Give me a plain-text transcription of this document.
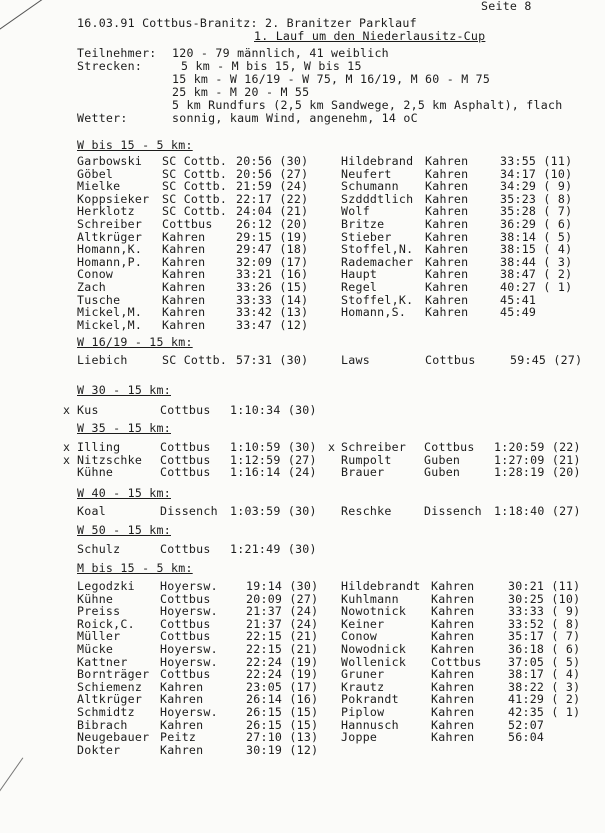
Seite 8
16.03.91 Cottbus-Branitz: 2. Branitzer Parklauf
1. Lauf um den Niederlausitz-Cup
Teilnehmer: 120 - 79 männlich, 41 weiblich
Strecken:	5 km - M bis 15, W bis 15
15 km - W 16/19 - W 75, M 16/19, M 60 - M 75
25 km - M 20 - M 55
5 km Rundfurs (2,5 km Sandwege, 2,5 km Asphalt), flach
Wetter:	sonnig, kaum Wind, angenehm, 14 oC
W bis 15 - 5 km:
Garbowski SC Cottb. 20:56 (30)
Göbel	SC Cottb. 20:56 (27)
Mielke	SC Cottb. 21:59 (24)
Koppsieker SC Cottb. 22:17 (22)
Herklotz SC Cottb. 24:04 (21)
Schreiber Cottbus 26:12 (20)
Altkrüger Kahren	29:15 (19)
Homann,K. Kahren	29:47 (18)
Homann,P. Kahren	32:09 (17)
Conow	Kahren	33:21 (16)
Zach	Kahren	33:26 (15)
Tusche	Kahren	33:33 (14)
Mickel,M. Kahren	33:42 (13)
Mickel,M. Kahren	33:47 (12)
Hildebrand Kahren	33:55 (11)
Neufert	Kahren	34:17 (10)
Schumann Kahren	34:29 ( 9)
Szdddtlich Kahren	35:23 ( 8)
Wolf	Kahren	35:28 ( 7)
Britze	Kahren	36:29 ( 6)
Stieber	Kahren	38:14 ( 5)
Stoffel,N. Kahren	38:15 ( 4)
Rademacher Kahren	38:44 ( 3)
Haupt	Kahren	38:47 ( 2)
Regel	Kahren	40:27 ( 1)
Stoffel,K. Kahren	45:41
Homann,S. Kahren	45:49
W 16/19 - 15 km:
Liebich	SC Cottb. 57:31 (30)	Laws	Cottbus	59:45 (27)
W 30 - 15 km:
x Kus	Cottbus 1:10:34 (30)
W 35 - 15 km:
x Illing	Cottbus 1:10:59 (30) x Schreiber Cottbus 1:20:59 (22)
x Nitzschke Cottbus 1:12:59 (27) Rumpolt	Guben	1:27:09 (21)
Kühne	Cottbus 1:16:14 (24) Brauer	Guben	1:28:19 (20)
W 40 - 15 km:
Koal	Dissench 1:03:59 (30) Reschke	Dissench 1:18:40 (27)
W 50 - 15 km:
Schulz	Cottbus 1:21:49 (30)
M bis 15 - 5 km:
Legodzki Hoyersw. 19:14 (30)
Kühne	Cottbus	20:09 (27)
Preiss	Hoyersw. 21:37 (24)
Roick,C. Cottbus	21:37 (24)
Müller	Cottbus	22:15 (21)
Mücke	Hoyersw. 22:15 (21)
Kattner	Hoyersw. 22:24 (19)
Bornträger Cottbus	22:24 (19)
Schiemenz Kahren	23:05 (17)
Altkrüger Kahren	26:14 (16)
Schmidtz Hoyersw. 26:15 (15)
Bibrach	Kahren	26:15 (15)
Neugebauer Peitz	27:10 (13)
Dokter	Kahren	30:19 (12)
Hildebrandt Kahren	30:21 (11)
Kuhlmann	Kahren	30:25 (10)
Nowotnick Kahren	33:33 ( 9)
Keiner	Kahren	33:52 ( 8)
Conow	Kahren	35:17 ( 7)
Nowodnick Kahren	36:18 ( 6)
Wollenick Cottbus 37:05 ( 5)
Gruner	Kahren	38:17 ( 4)
Krautz	Kahren	38:22 ( 3)
Pokrandt	Kahren	41:29 ( 2)
Piplow	Kahren	42:35 ( 1)
Hannusch	Kahren	52:07
Joppe	Kahren	56:04
